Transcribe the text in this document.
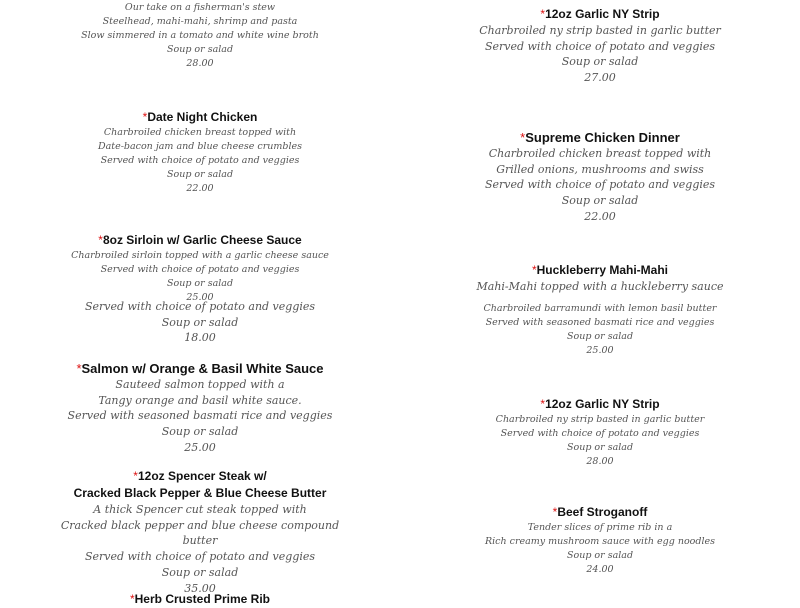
Our take on a fisherman's stew
Steelhead, mahi-mahi, shrimp and pasta
Slow simmered in a tomato and white wine broth
Soup or salad
28.00
*12oz Garlic NY Strip
Charbroiled ny strip basted in garlic butter
Served with choice of potato and veggies
Soup or salad
27.00
*Date Night Chicken
Charbroiled chicken breast topped with
Date-bacon jam and blue cheese crumbles
Served with choice of potato and veggies
Soup or salad
22.00
*Supreme Chicken Dinner
Charbroiled chicken breast topped with
Grilled onions, mushrooms and swiss
Served with choice of potato and veggies
Soup or salad
22.00
*8oz Sirloin w/ Garlic Cheese Sauce
Charbroiled sirloin topped with a garlic cheese sauce
Served with choice of potato and veggies
Soup or salad
25.00
Served with choice of potato and veggies
Soup or salad
18.00
*Huckleberry Mahi-Mahi
Mahi-Mahi topped with a huckleberry sauce
Charbroiled barramundi with lemon basil butter
Served with seasoned basmati rice and veggies
Soup or salad
25.00
*Salmon w/ Orange & Basil White Sauce
Sauteed salmon topped with a
Tangy orange and basil white sauce.
Served with seasoned basmati rice and veggies
Soup or salad
25.00
*12oz Garlic NY Strip
Charbroiled ny strip basted in garlic butter
Served with choice of potato and veggies
Soup or salad
28.00
*12oz Spencer Steak w/
Cracked Black Pepper & Blue Cheese Butter
A thick Spencer cut steak topped with
Cracked black pepper and blue cheese compound butter
Served with choice of potato and veggies
Soup or salad
35.00
*Beef Stroganoff
Tender slices of prime rib in a
Rich creamy mushroom sauce with egg noodles
Soup or salad
24.00
*Herb Crusted Prime Rib
